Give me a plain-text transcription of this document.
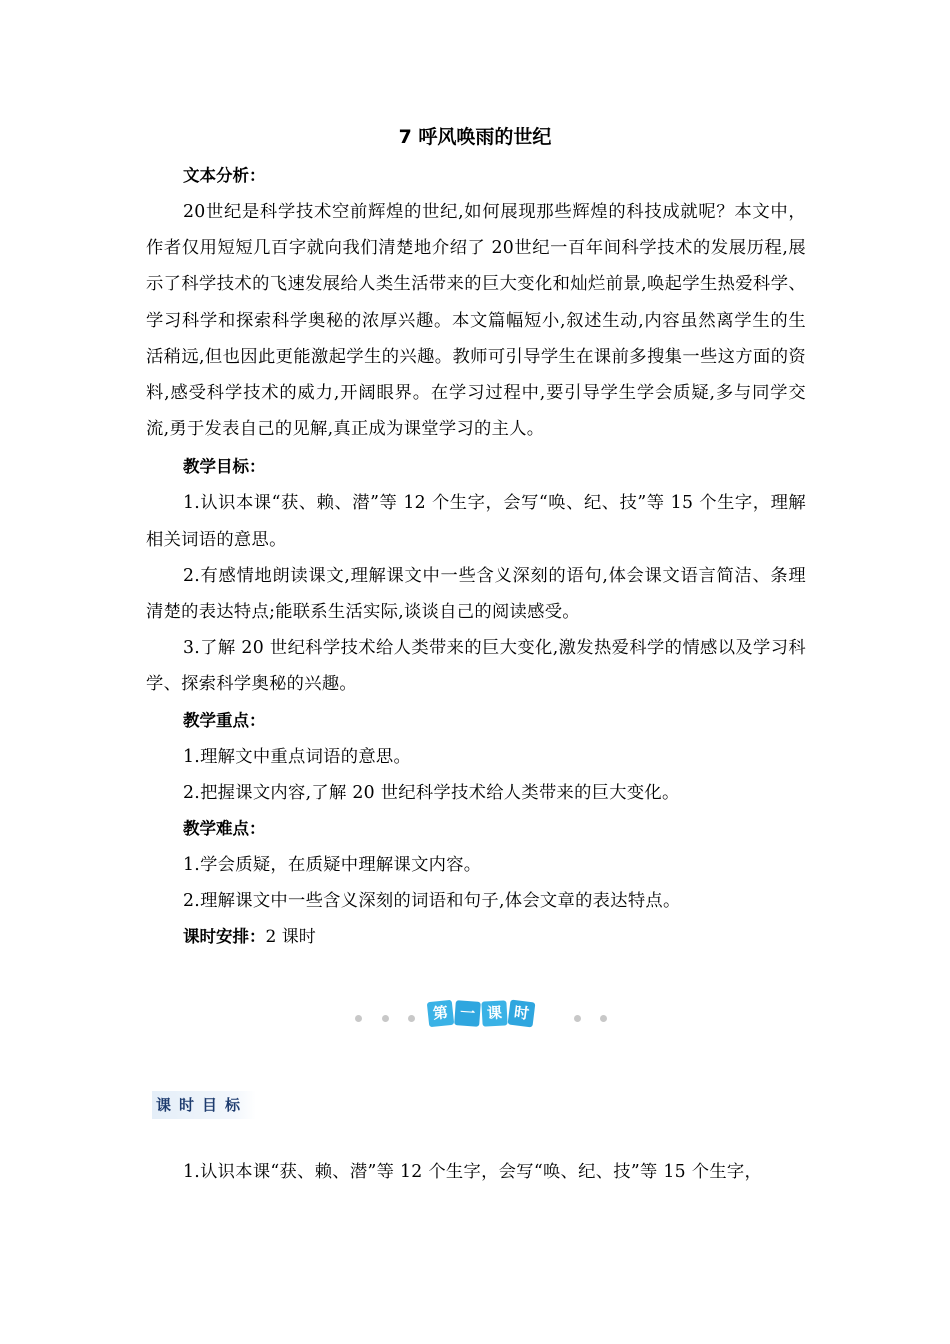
7 呼风唤雨的世纪

文本分析：

20世纪是科学技术空前辉煌的世纪,如何展现那些辉煌的科技成就呢？本文中，作者仅用短短几百字就向我们清楚地介绍了 20世纪一百年间科学技术的发展历程,展示了科学技术的飞速发展给人类生活带来的巨大变化和灿烂前景,唤起学生热爱科学、学习科学和探索科学奥秘的浓厚兴趣。本文篇幅短小,叙述生动,内容虽然离学生的生活稍远,但也因此更能激起学生的兴趣。教师可引导学生在课前多搜集一些这方面的资料,感受科学技术的威力,开阔眼界。在学习过程中,要引导学生学会质疑,多与同学交流,勇于发表自己的见解,真正成为课堂学习的主人。

教学目标：

1.认识本课“获、赖、潜”等 12 个生字，会写“唤、纪、技”等 15 个生字，理解相关词语的意思。

2.有感情地朗读课文,理解课文中一些含义深刻的语句,体会课文语言简洁、条理清楚的表达特点;能联系生活实际,谈谈自己的阅读感受。

3.了解 20 世纪科学技术给人类带来的巨大变化,激发热爱科学的情感以及学习科学、探索科学奥秘的兴趣。

教学重点：

1.理解文中重点词语的意思。

2.把握课文内容,了解 20 世纪科学技术给人类带来的巨大变化。

教学难点：

1.学会质疑，在质疑中理解课文内容。

2.理解课文中一些含义深刻的词语和句子,体会文章的表达特点。

课时安排：2 课时

第 一 课 时
课时目标

1.认识本课“获、赖、潜”等 12 个生字，会写“唤、纪、技”等 15 个生字，
